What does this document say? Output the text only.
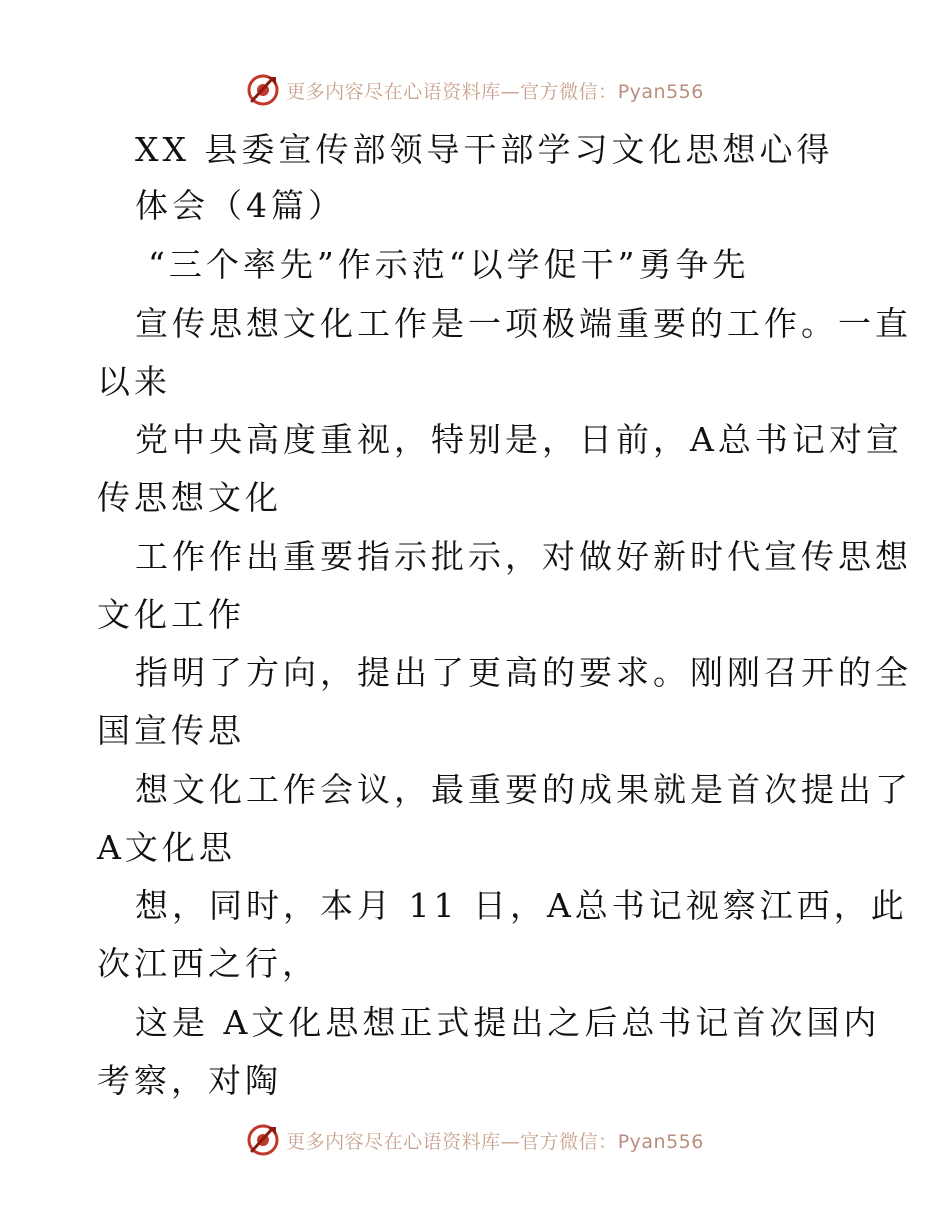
更多内容尽在心语资料库—官方微信：Pyan556
XX 县委宣传部领导干部学习文化思想心得
体会（4篇）
“三个率先”作示范“以学促干”勇争先
宣传思想文化工作是一项极端重要的工作。一直
以来
党中央高度重视，特别是，日前，A总书记对宣
传思想文化
工作作出重要指示批示，对做好新时代宣传思想
文化工作
指明了方向，提出了更高的要求。刚刚召开的全
国宣传思
想文化工作会议，最重要的成果就是首次提出了
A文化思
想，同时，本月 11 日，A总书记视察江西，此
次江西之行，
这是 A文化思想正式提出之后总书记首次国内
考察，对陶
更多内容尽在心语资料库—官方微信：Pyan556
